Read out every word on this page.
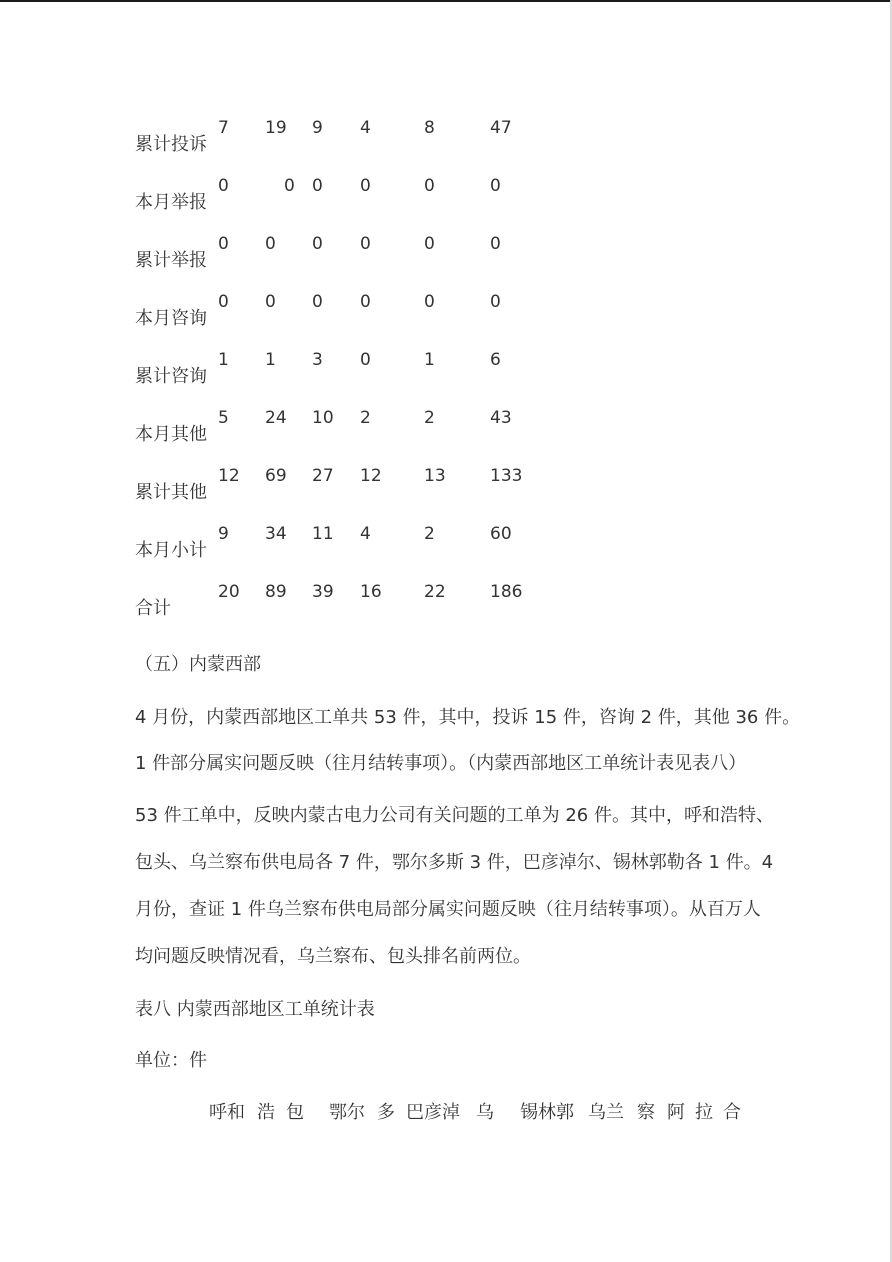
累计投诉
7 19 9 4	8	47
本月举报
0	0 0 0	0	0
累计举报
0 0 0 0	0	0
本月咨询
0 0 0 0	0	0
累计咨询
1 1 3 0	1	6
本月其他
5 24 10 2	2	43
累计其他
12 69 27 12 13	133
本月小计
9 34 11 4	2	60
合计
20 89 39 16 22	186
（五）内蒙西部
4 月份，内蒙西部地区工单共 53 件，其中，投诉 15 件，咨询 2 件，其他 36 件。
1 件部分属实问题反映（往月结转事项）。（内蒙西部地区工单统计表见表八）
53 件工单中，反映内蒙古电力公司有关问题的工单为 26 件。其中，呼和浩特、
包头、乌兰察布供电局各 7 件，鄂尔多斯 3 件，巴彦淖尔、锡林郭勒各 1 件。4
月份，查证 1 件乌兰察布供电局部分属实问题反映（往月结转事项）。从百万人
均问题反映情况看，乌兰察布、包头排名前两位。
表八 内蒙西部地区工单统计表
单位：件
呼和 浩 包 鄂尔 多 巴彦淖 乌 锡林郭 乌兰 察 阿 拉 合
